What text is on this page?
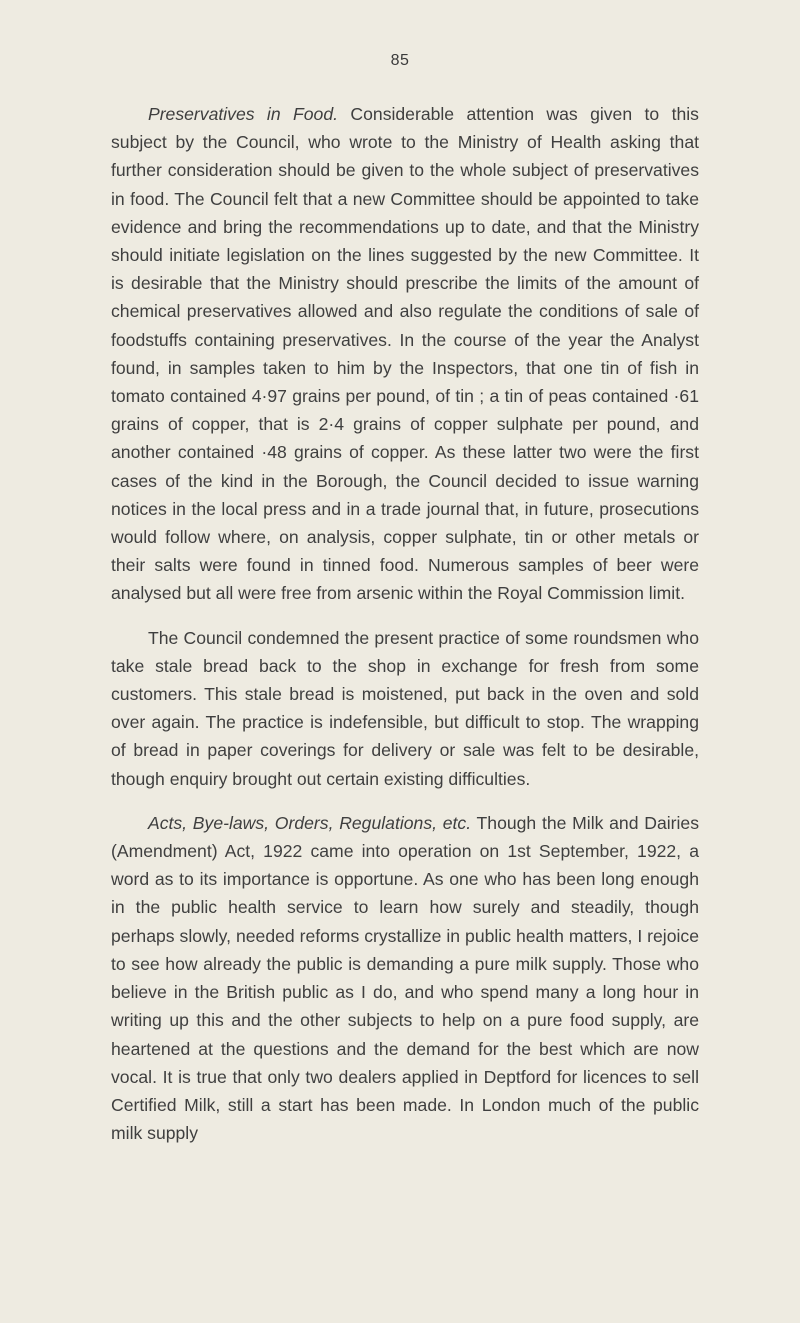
85

Preservatives in Food. Considerable attention was given to this subject by the Council, who wrote to the Ministry of Health asking that further consideration should be given to the whole subject of preservatives in food. The Council felt that a new Committee should be appointed to take evidence and bring the recommendations up to date, and that the Ministry should initiate legislation on the lines suggested by the new Committee. It is desirable that the Ministry should prescribe the limits of the amount of chemical preservatives allowed and also regulate the conditions of sale of foodstuffs containing preservatives. In the course of the year the Analyst found, in samples taken to him by the Inspectors, that one tin of fish in tomato contained 4·97 grains per pound, of tin ; a tin of peas contained ·61 grains of copper, that is 2·4 grains of copper sulphate per pound, and another contained ·48 grains of copper. As these latter two were the first cases of the kind in the Borough, the Council decided to issue warning notices in the local press and in a trade journal that, in future, prosecutions would follow where, on analysis, copper sulphate, tin or other metals or their salts were found in tinned food. Numerous samples of beer were analysed but all were free from arsenic within the Royal Commission limit.

The Council condemned the present practice of some roundsmen who take stale bread back to the shop in exchange for fresh from some customers. This stale bread is moistened, put back in the oven and sold over again. The practice is indefensible, but difficult to stop. The wrapping of bread in paper coverings for delivery or sale was felt to be desirable, though enquiry brought out certain existing difficulties.

Acts, Bye-laws, Orders, Regulations, etc. Though the Milk and Dairies (Amendment) Act, 1922 came into operation on 1st September, 1922, a word as to its importance is opportune. As one who has been long enough in the public health service to learn how surely and steadily, though perhaps slowly, needed reforms crystallize in public health matters, I rejoice to see how already the public is demanding a pure milk supply. Those who believe in the British public as I do, and who spend many a long hour in writing up this and the other subjects to help on a pure food supply, are heartened at the questions and the demand for the best which are now vocal. It is true that only two dealers applied in Deptford for licences to sell Certified Milk, still a start has been made. In London much of the public milk supply
